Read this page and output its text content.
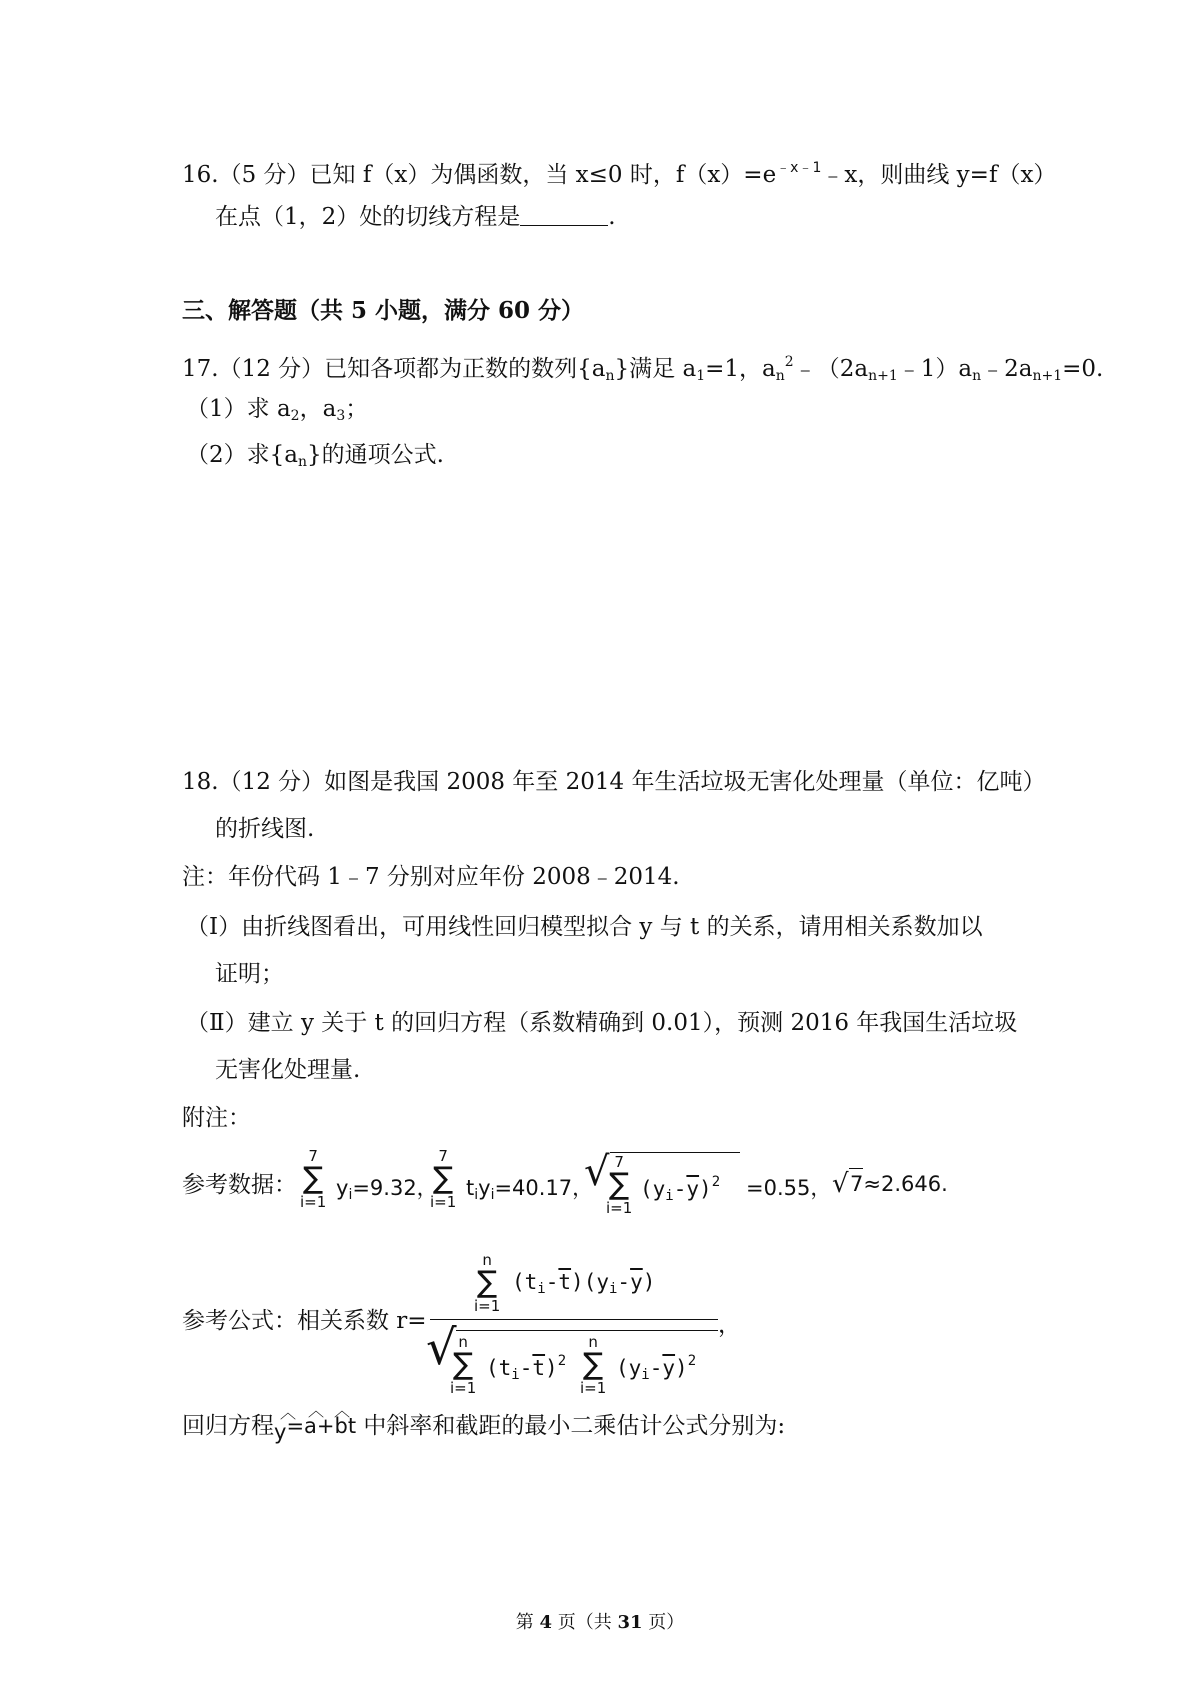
16.（5 分）已知 f（x）为偶函数，当 x≤0 时，$f(x)=e^{﹣x﹣1}﹣x$，则曲线 y=f（x）
在点（1，2）处的切线方程是	.
三、解答题（共 5 小题，满分 60 分）
17.（12 分）已知各项都为正数的数列$\{a_n\}$满足 $a_1=1$，$a_n^2﹣(2a_{n+1}﹣1)a_n﹣2a_{n+1}=0$.
（1）求 $a_2$，$a_3$；
（2）求$\{a_n\}$的通项公式.
18.（12 分）如图是我国 2008 年至 2014 年生活垃圾无害化处理量（单位：亿吨）
的折线图.
注：年份代码 1﹣7 分别对应年份 2008﹣2014.
（Ⅰ）由折线图看出，可用线性回归模型拟合 y 与 t 的关系，请用相关系数加以
证明；
（Ⅱ）建立 y 关于 t 的回归方程（系数精确到 0.01），预测 2016 年我国生活垃圾
无害化处理量.
附注：
参考数据：
7
∑
i=1
$y_i=9.32$，
7
∑
i=1
$t_iy_i=40.17$，
√ 7
∑
i=1
$(y_i-\overline{y})^2 =0.55$， √ 7≈2.646.
参考公式：相关系数 r=
n
∑
i=1
$(t_i-\overline{t})(y_i-\overline{y})$
，
√ n
∑
i=1
$(t_i-\overline{t})^2$
n
∑
i=1
$(y_i-\overline{y})^2$
回归方程y=a+bt 中斜率和截距的最小二乘估计公式分别为:
︿ ︿ ︿
第 4 页（共 31 页）
